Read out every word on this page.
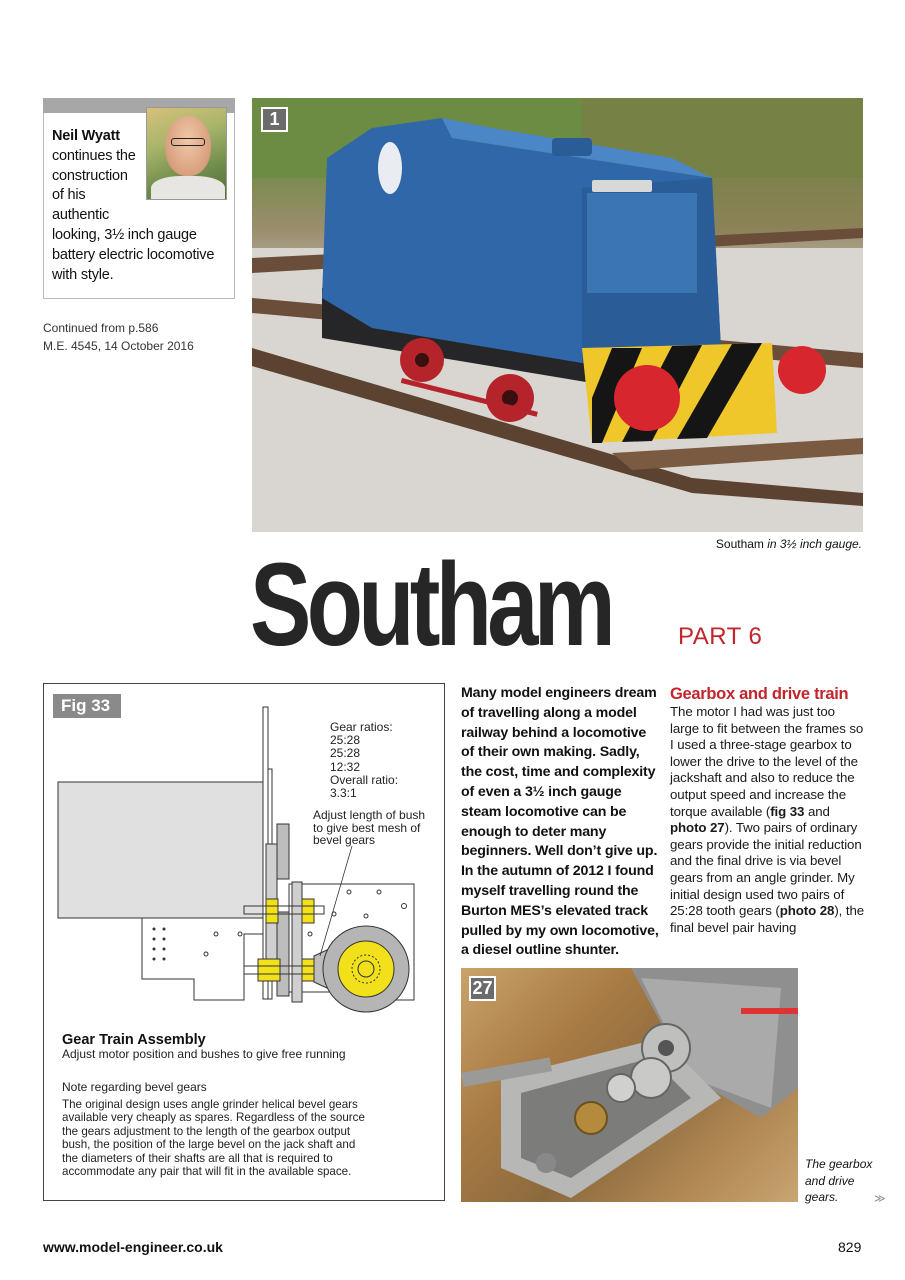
Neil Wyatt
continues the
construction
of his
authentic
looking, 3½ inch gauge
battery electric locomotive
with style.
Continued from p.586
M.E. 4545, 14 October 2016
1
Southam in 3½ inch gauge.
Southam	PART 6
Fig 33
Gear ratios:
25:28
25:28
12:32
Overall ratio:
3.3:1
Adjust length of bush
to give best mesh of
bevel gears
Gear Train Assembly
Adjust motor position and bushes to give free running
Note regarding bevel gears
The original design uses angle grinder helical bevel gears
available very cheaply as spares. Regardless of the source
the gears adjustment to the length of the gearbox output
bush, the position of the large bevel on the jack shaft and
the diameters of their shafts are all that is required to
accommodate any pair that will fit in the available space.
Many model engineers dream
of travelling along a model
railway behind a locomotive
of their own making. Sadly,
the cost, time and complexity
of even a 3½ inch gauge
steam locomotive can be
enough to deter many
beginners. Well don’t give up.
In the autumn of 2012 I found
myself travelling round the
Burton MES’s elevated track
pulled by my own locomotive,
a diesel outline shunter.
Gearbox and drive train

The motor I had was just too large to fit between the frames so I used a three-stage gearbox to lower the drive to the level of the jackshaft and also to reduce the output speed and increase the torque available (fig 33 and photo 27). Two pairs of ordinary gears provide the initial reduction and the final drive is via bevel gears from an angle grinder. My initial design used two pairs of 25:28 tooth gears (photo 28), the final bevel pair having

27
The gearbox
and drive
gears.	≫
www.model-engineer.co.uk	829
